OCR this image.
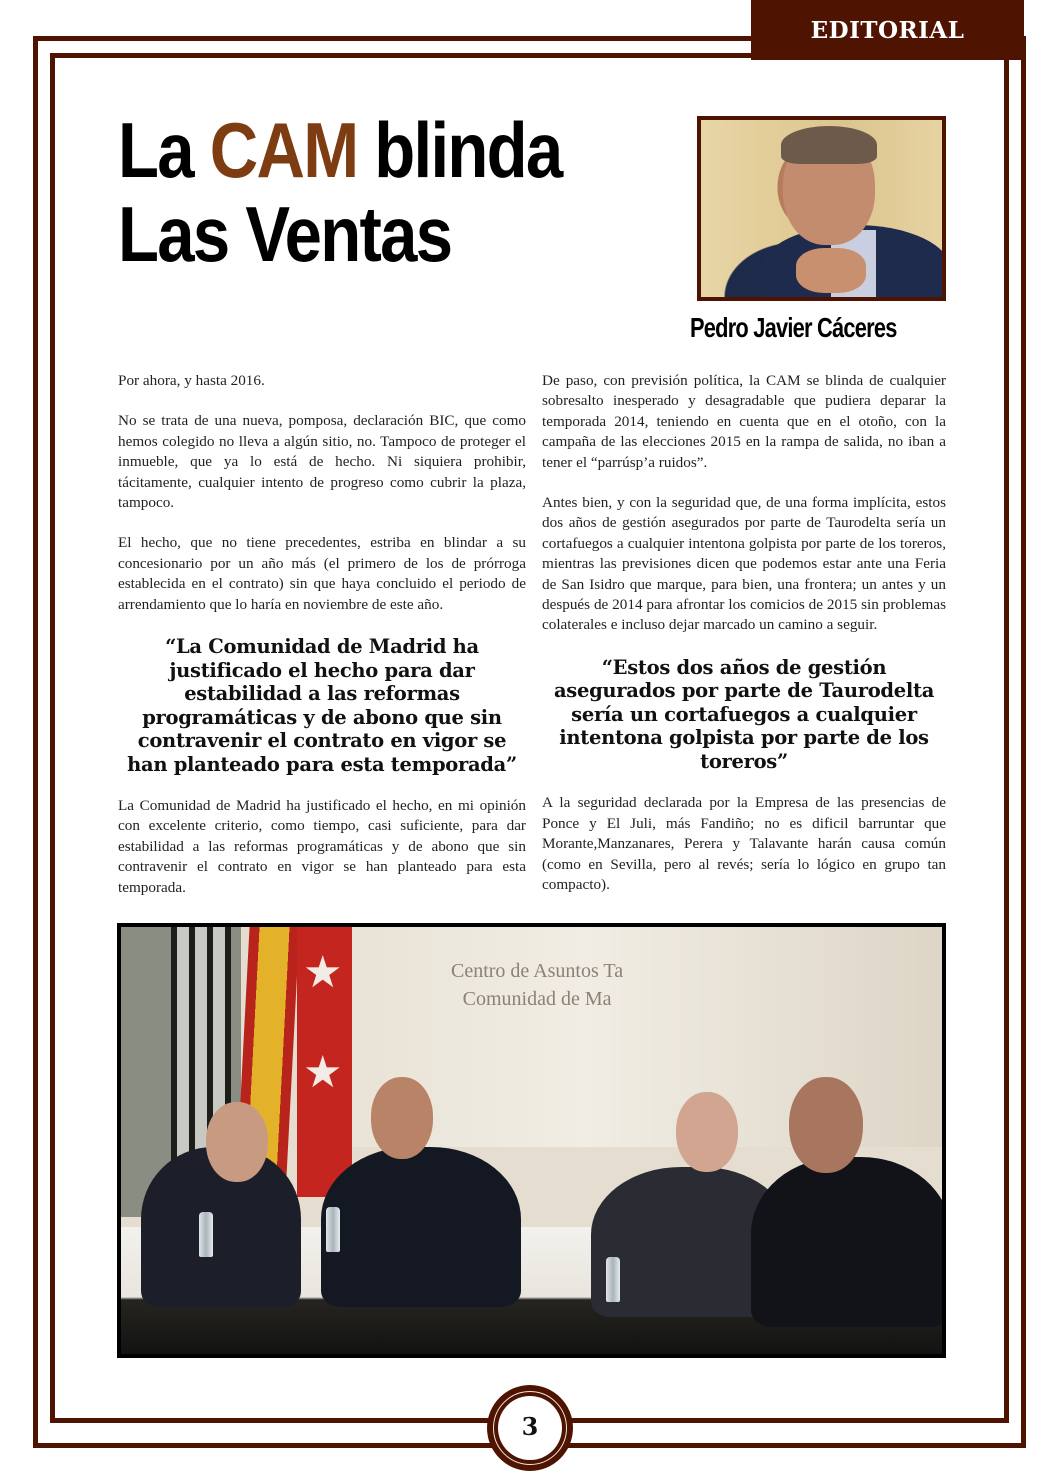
EDITORIAL
La CAM blinda
Las Ventas
Pedro Javier Cáceres

Por ahora, y hasta 2016.

No se trata de una nueva, pomposa, declaración BIC, que como hemos colegido no lleva a algún sitio, no. Tampoco de proteger el inmueble, que ya lo está de hecho. Ni siquiera prohibir, tácitamente, cualquier intento de progreso como cubrir la plaza, tampoco.

El hecho, que no tiene precedentes, estriba en blindar a su concesionario por un año más (el primero de los de prórroga establecida en el contrato) sin que haya concluido el periodo de arrendamiento que lo haría en noviembre de este año.

“La Comunidad de Madrid ha justificado el hecho para dar estabilidad a las reformas programáticas y de abono que sin contravenir el contrato en vigor se han planteado para esta temporada”

La Comunidad de Madrid ha justificado el hecho, en mi opinión con excelente criterio, como tiempo, casi suficiente, para dar estabilidad a las reformas programáticas y de abono que sin contravenir el contrato en vigor se han planteado para esta temporada.

De paso, con previsión política, la CAM se blinda de cualquier sobresalto inesperado y desagradable que pudiera deparar la temporada 2014, teniendo en cuenta que en el otoño, con la campaña de las elecciones 2015 en la rampa de salida, no iban a tener el “parrúsp’a ruidos”.

Antes bien, y con la seguridad que, de una forma implícita, estos dos años de gestión asegurados por parte de Taurodelta sería un cortafuegos a cualquier intentona golpista por parte de los toreros, mientras las previsiones dicen que podemos estar ante una Feria de San Isidro que marque, para bien, una frontera; un antes y un después de 2014 para afrontar los comicios de 2015 sin problemas colaterales e incluso dejar marcado un camino a seguir.

“Estos dos años de gestión asegurados por parte de Taurodelta sería un cortafuegos a cualquier intentona golpista por parte de los toreros”

A la seguridad declarada por la Empresa de las presencias de Ponce y El Juli, más Fandiño; no es dificil barruntar que Morante,Manzanares, Perera y Talavante harán causa común (como en Sevilla, pero al revés; sería lo lógico en grupo tan compacto).

★ ★
Centro de Asuntos Ta
Comunidad de Ma
3
